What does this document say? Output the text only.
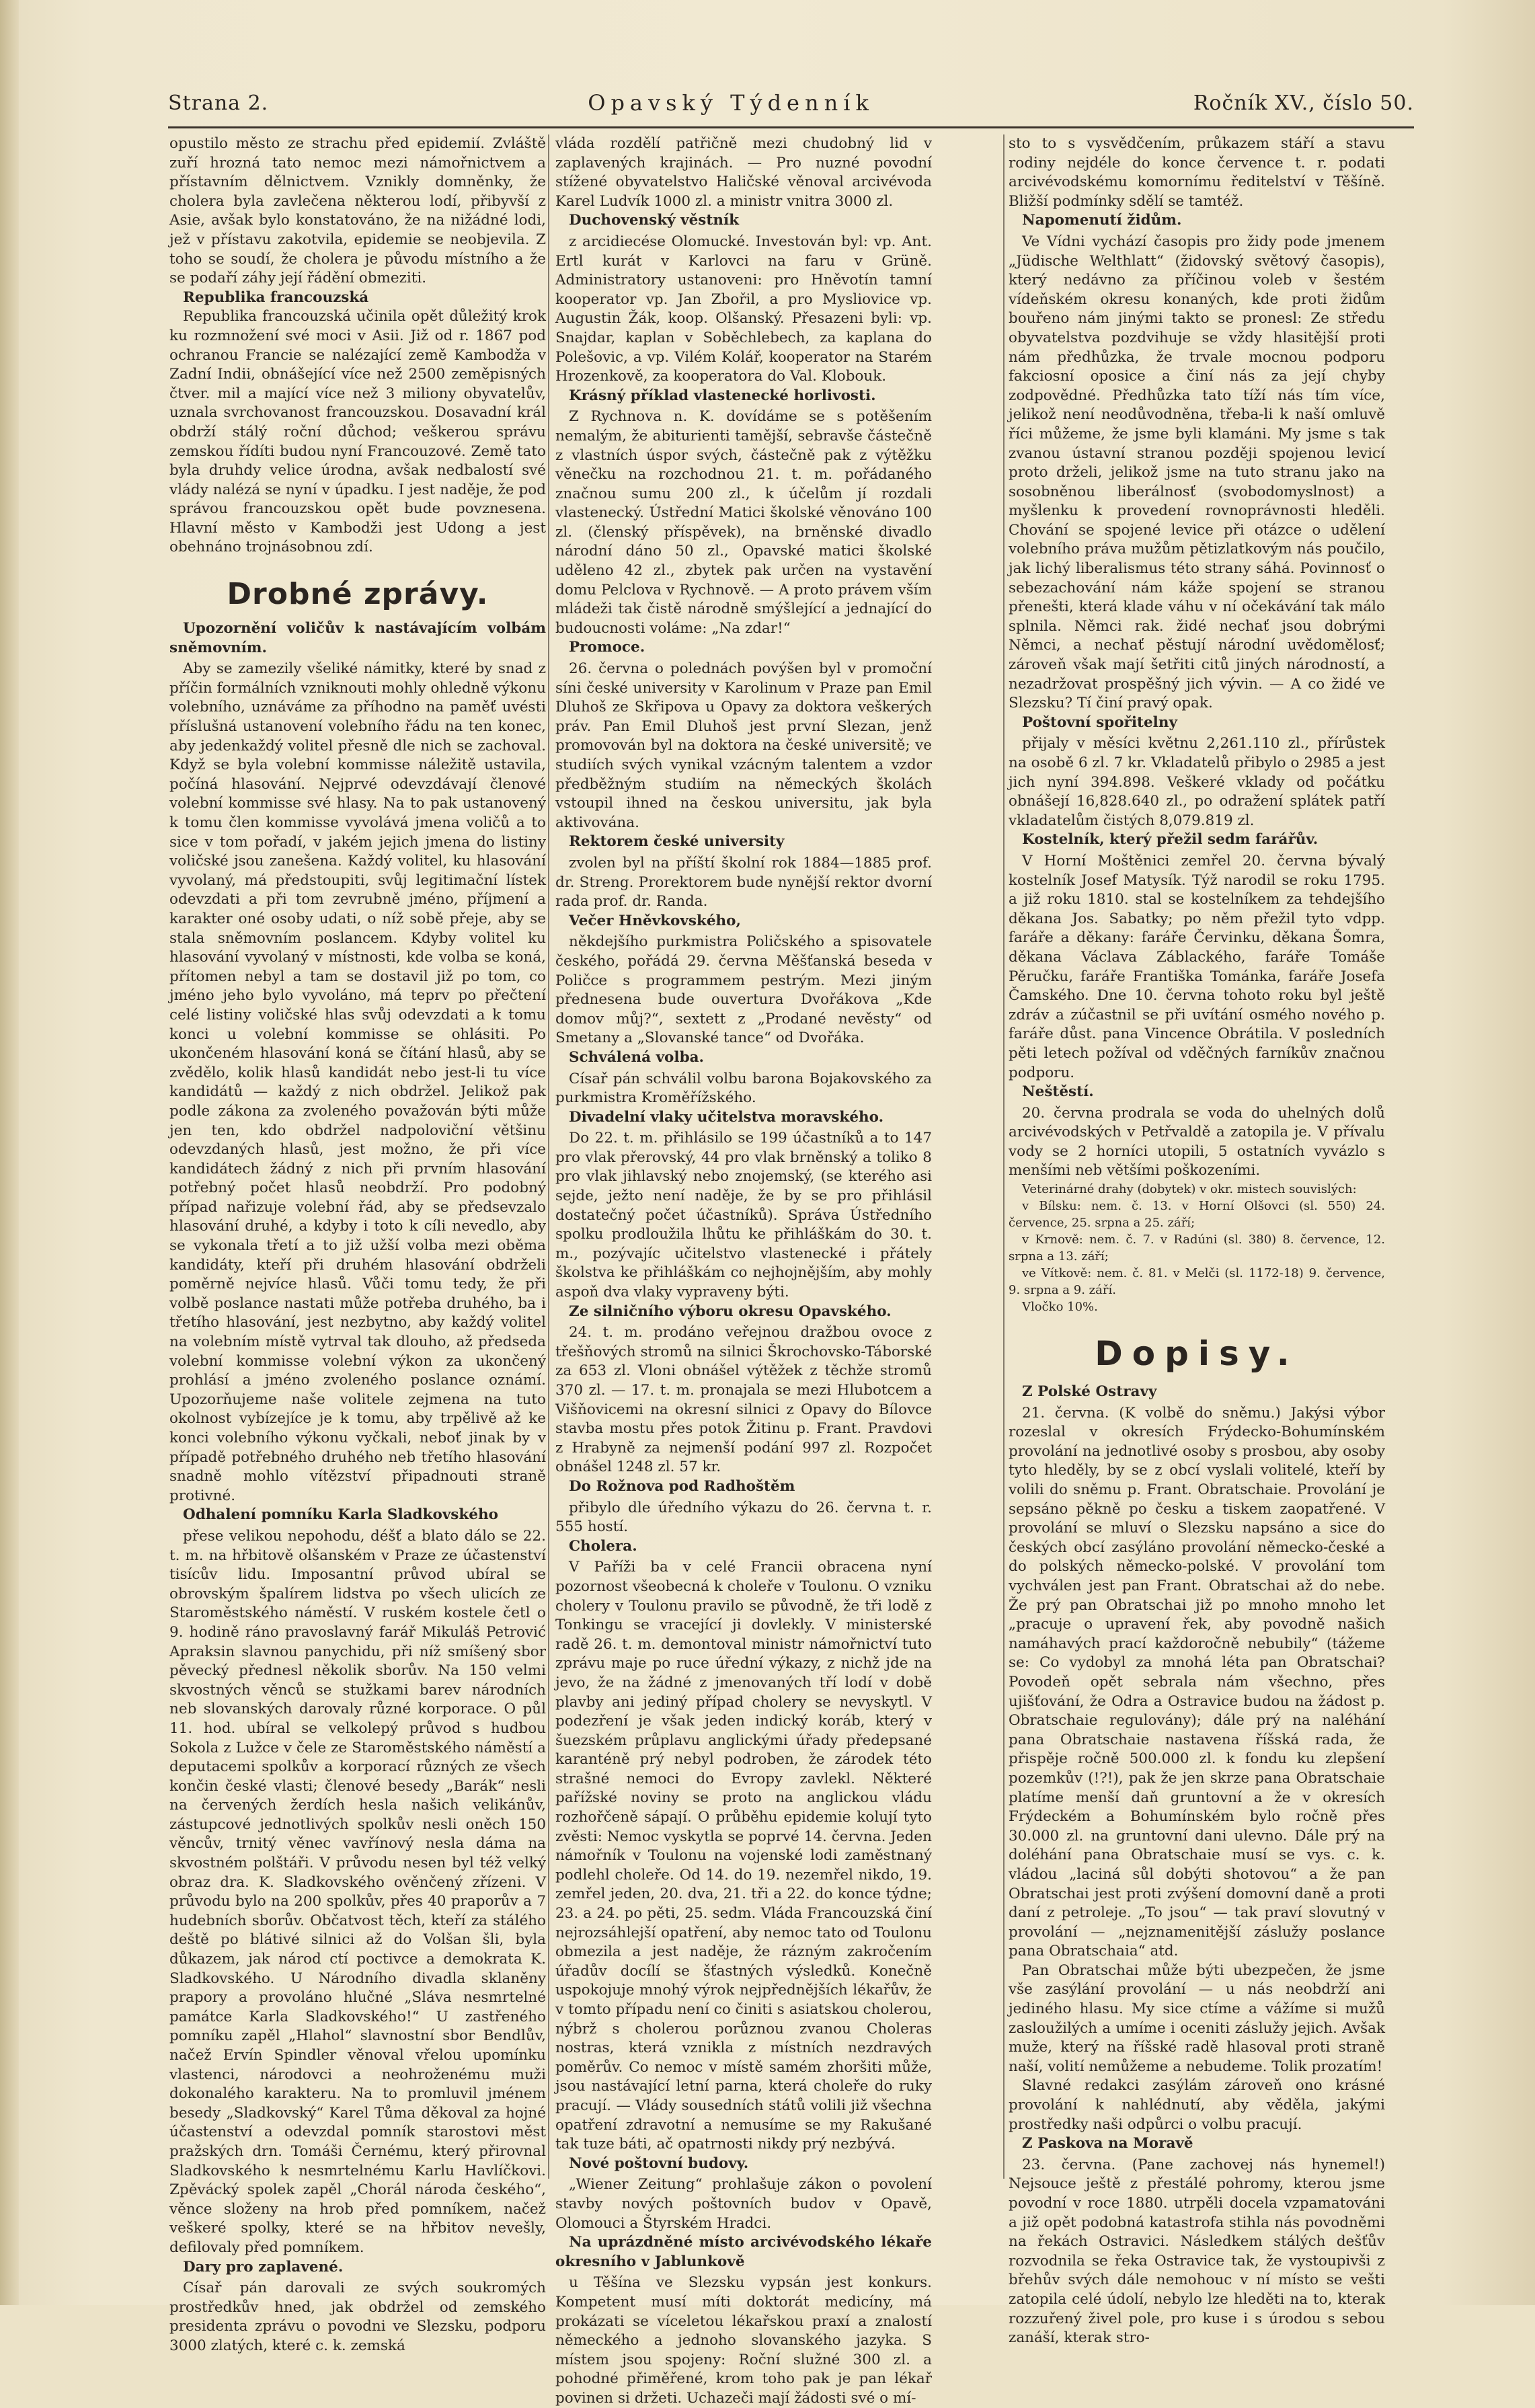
Strana 2.	Opavský Týdenník	Ročník XV., číslo 50.

opustilo město ze strachu před epidemií. Zvláště zuří hrozná tato nemoc mezi námořnictvem a přístavním dělnictvem. Vznikly domněnky, že cholera byla zavlečena některou lodí, přibyvší z Asie, avšak bylo konstatováno, že na nižádné lodi, jež v přístavu zakotvila, epidemie se neobjevila. Z toho se soudí, že cholera je původu místního a že se podaří záhy její řádění obmeziti.

Republika francouzská

Republika francouzská učinila opět důležitý krok ku rozmnožení své moci v Asii. Již od r. 1867 pod ochranou Francie se nalézající země Kambodža v Zadní Indii, obnášející více než 2500 zeměpisných čtver. mil a mající více než 3 miliony obyvatelův, uznala svrchovanost francouzskou. Dosavadní král obdrží stálý roční důchod; veškerou správu zemskou řídíti budou nyní Francouzové. Země tato byla druhdy velice úrodna, avšak nedbalostí své vlády nalézá se nyní v úpadku. I jest naděje, že pod správou francouzskou opět bude povznesena. Hlavní město v Kambodži jest Udong a jest obehnáno trojnásobnou zdí.

Drobné zprávy.

Upozornění voličův k nastávajícím volbám sněmovním.

Aby se zamezily všeliké námitky, které by snad z příčin formálních vzniknouti mohly ohledně výkonu volebního, uznáváme za příhodno na paměť uvésti příslušná ustanovení volebního řádu na ten konec, aby jedenkaždý volitel přesně dle nich se zachoval. Když se byla volební kommisse náležitě ustavila, počíná hlasování. Nejprvé odevzdávají členové volební kommisse své hlasy. Na to pak ustanovený k tomu člen kommisse vyvolává jmena voličů a to sice v tom pořadí, v jakém jejich jmena do listiny voličské jsou zanešena. Každý volitel, ku hlasování vyvolaný, má předstoupiti, svůj legitimační lístek odevzdati a při tom zevrubně jméno, příjmení a karakter oné osoby udati, o níž sobě přeje, aby se stala sněmovním poslancem. Kdyby volitel ku hlasování vyvolaný v místnosti, kde volba se koná, přítomen nebyl a tam se dostavil již po tom, co jméno jeho bylo vyvoláno, má teprv po přečtení celé listiny voličské hlas svůj odevzdati a k tomu konci u volební kommisse se ohlásiti. Po ukončeném hlasování koná se čítání hlasů, aby se zvědělo, kolik hlasů kandidát nebo jest-li tu více kandidátů — každý z nich obdržel. Jelikož pak podle zákona za zvoleného považován býti může jen ten, kdo obdržel nadpoloviční většinu odevzdaných hlasů, jest možno, že při více kandidátech žádný z nich při prvním hlasování potřebný počet hlasů neobdrží. Pro podobný případ nařizuje volební řád, aby se předsevzalo hlasování druhé, a kdyby i toto k cíli nevedlo, aby se vykonala třetí a to již užší volba mezi oběma kandidáty, kteří při druhém hlasování obdrželi poměrně nejvíce hlasů. Vůči tomu tedy, že při volbě poslance nastati může potřeba druhého, ba i třetího hlasování, jest nezbytno, aby každý volitel na volebním místě vytrval tak dlouho, až předseda volební kommisse volební výkon za ukončený prohlásí a jméno zvoleného poslance oznámí. Upozorňujeme naše volitele zejmena na tuto okolnost vybízejíce je k tomu, aby trpělivě až ke konci volebního výkonu vyčkali, neboť jinak by v případě potřebného druhého neb třetího hlasování snadně mohlo vítězství připadnouti straně protivné.

Odhalení pomníku Karla Sladkovského

přese velikou nepohodu, déšť a blato dálo se 22. t. m. na hřbitově olšanském v Praze ze účastenství tisícův lidu. Imposantní průvod ubíral se obrovským špalírem lidstva po všech ulicích ze Staroměstského náměstí. V ruském kostele četl o 9. hodině ráno pravoslavný farář Mikuláš Petrović Apraksin slavnou panychidu, při níž smíšený sbor pěvecký přednesl několik sborův. Na 150 velmi skvostných věnců se stužkami barev národních neb slovanských darovaly různé korporace. O půl 11. hod. ubíral se velkolepý průvod s hudbou Sokola z Lužce v čele ze Staroměstského náměstí a deputacemi spolkův a korporací různých ze všech končin české vlasti; členové besedy „Barák“ nesli na červených žerdích hesla našich velikánův, zástupcové jednotlivých spolkův nesli oněch 150 věncův, trnitý věnec vavřínový nesla dáma na skvostném polštáři. V průvodu nesen byl též velký obraz dra. K. Sladkovského ověnčený zřízeni. V průvodu bylo na 200 spolkův, přes 40 praporův a 7 hudebních sborův. Občatvost těch, kteří za stálého deště po blátivé silnici až do Volšan šli, byla důkazem, jak národ ctí poctivce a demokrata K. Sladkovského. U Národního divadla sklaněny prapory a provoláno hlučné „Sláva nesmrtelné památce Karla Sladkovského!“ U zastřeného pomníku zapěl „Hlahol“ slavnostní sbor Bendlův, načež Ervín Spindler věnoval vřelou upomínku vlastenci, národovci a neohroženému muži dokonalého karakteru. Na to promluvil jménem besedy „Sladkovský“ Karel Tůma děkoval za hojné účastenství a odevzdal pomník starostovi měst pražských drn. Tomáši Černému, který přirovnal Sladkovského k nesmrtelnému Karlu Havlíčkovi. Zpěvácký spolek zapěl „Chorál národa českého“, věnce složeny na hrob před pomníkem, načež veškeré spolky, které se na hřbitov nevešly, defilovaly před pomníkem.

Dary pro zaplavené.

Císař pán darovali ze svých soukromých prostředkův hned, jak obdržel od zemského presidenta zprávu o povodni ve Slezsku, podporu 3000 zlatých, které c. k. zemská

vláda rozdělí patřičně mezi chudobný lid v zaplavených krajinách. — Pro nuzné povodní stížené obyvatelstvo Haličské věnoval arcivévoda Karel Ludvík 1000 zl. a ministr vnitra 3000 zl.

Duchovenský věstník

z arcidiecése Olomucké. Investován byl: vp. Ant. Ertl kurát v Karlovci na faru v Grüně. Administratory ustanoveni: pro Hněvotín tamní kooperator vp. Jan Zbořil, a pro Mysliovice vp. Augustin Žák, koop. Olšanský. Přesazeni byli: vp. Snajdar, kaplan v Soběchlebech, za kaplana do Polešovic, a vp. Vilém Kolář, kooperator na Starém Hrozenkově, za kooperatora do Val. Klobouk.

Krásný příklad vlastenecké horlivosti.

Z Rychnova n. K. dovídáme se s potěšením nemalým, že abiturienti tamější, sebravše částečně z vlastních úspor svých, částečně pak z výtěžku věnečku na rozchodnou 21. t. m. pořádaného značnou sumu 200 zl., k účelům jí rozdali vlastenecký. Ústřední Matici školské věnováno 100 zl. (členský příspěvek), na brněnské divadlo národní dáno 50 zl., Opavské matici školské uděleno 42 zl., zbytek pak určen na vystavění domu Pelclova v Rychnově. — A proto právem vším mládeži tak čistě národně smýšlející a jednající do budoucnosti voláme: „Na zdar!“

Promoce.

26. června o polednách povýšen byl v promoční síni české university v Karolinum v Praze pan Emil Dluhoš ze Skřipova u Opavy za doktora veškerých práv. Pan Emil Dluhoš jest první Slezan, jenž promovován byl na doktora na české universitě; ve studiích svých vynikal vzácným talentem a vzdor předběžným studiím na německých školách vstoupil ihned na českou universitu, jak byla aktivována.

Rektorem české university

zvolen byl na příští školní rok 1884—1885 prof. dr. Streng. Prorektorem bude nynější rektor dvorní rada prof. dr. Randa.

Večer Hněvkovského,

někdejšího purkmistra Poličského a spisovatele českého, pořádá 29. června Měšťanská beseda v Poličce s programmem pestrým. Mezi jiným přednesena bude ouvertura Dvořákova „Kde domov můj?“, sextett z „Prodané nevěsty“ od Smetany a „Slovanské tance“ od Dvořáka.

Schválená volba.

Císař pán schválil volbu barona Bojakovského za purkmistra Kroměřížského.

Divadelní vlaky učitelstva moravského.

Do 22. t. m. přihlásilo se 199 účastníků a to 147 pro vlak přerovský, 44 pro vlak brněnský a toliko 8 pro vlak jihlavský nebo znojemský, (se kterého asi sejde, ježto není naděje, že by se pro přihlásil dostatečný počet účastníků). Správa Ústředního spolku prodloužila lhůtu ke přihláškám do 30. t. m., pozývajíc učitelstvo vlastenecké i přátely školstva ke přihláškám co nejhojnějším, aby mohly aspoň dva vlaky vypraveny býti.

Ze silničního výboru okresu Opavského.

24. t. m. prodáno veřejnou dražbou ovoce z třešňových stromů na silnici Škrochovsko-Táborské za 653 zl. Vloni obnášel výtěžek z těchže stromů 370 zl. — 17. t. m. pronajala se mezi Hlubotcem a Višňovicemi na okresní silnici z Opavy do Bílovce stavba mostu přes potok Žitinu p. Frant. Pravdovi z Hrabyně za nejmenší podání 997 zl. Rozpočet obnášel 1248 zl. 57 kr.

Do Rožnova pod Radhoštěm

přibylo dle úředního výkazu do 26. června t. r. 555 hostí.

Cholera.

V Paříži ba v celé Francii obracena nyní pozornost všeobecná k choleře v Toulonu. O vzniku cholery v Toulonu pravilo se původně, že tři lodě z Tonkingu se vracející ji dovlekly. V ministerské radě 26. t. m. demontoval ministr námořnictví tuto zprávu maje po ruce úřední výkazy, z nichž jde na jevo, že na žádné z jmenovaných tří lodí v době plavby ani jediný případ cholery se nevyskytl. V podezření je však jeden indický koráb, který v šuezském průplavu anglickými úřady předepsané karanténě prý nebyl podroben, že zárodek této strašné nemoci do Evropy zavlekl. Některé pařížské noviny se proto na anglickou vládu rozhořčeně sápají. O průběhu epidemie kolují tyto zvěsti: Nemoc vyskytla se poprvé 14. června. Jeden námořník v Toulonu na vojenské lodi zaměstnaný podlehl choleře. Od 14. do 19. nezemřel nikdo, 19. zemřel jeden, 20. dva, 21. tři a 22. do konce týdne; 23. a 24. po pěti, 25. sedm. Vláda Francouzská činí nejrozsáhlejší opatření, aby nemoc tato od Toulonu obmezila a jest naděje, že rázným zakročením úřadův docílí se šťastných výsledků. Konečně uspokojuje mnohý výrok nejpřednějších lékařův, že v tomto případu není co činiti s asiatskou cholerou, nýbrž s cholerou porůznou zvanou Choleras nostras, která vznikla z místních nezdravých poměrův. Co nemoc v místě samém zhoršiti může, jsou nastávající letní parna, která choleře do ruky pracují. — Vlády sousedních států volili již všechna opatření zdravotní a nemusíme se my Rakušané tak tuze báti, ač opatrnosti nikdy prý nezbývá.

Nové poštovní budovy.

„Wiener Zeitung“ prohlašuje zákon o povolení stavby nových poštovních budov v Opavě, Olomouci a Štyrském Hradci.

Na uprázdněné místo arcivévodského lékaře okresního v Jablunkově

u Těšína ve Slezsku vypsán jest konkurs. Kompetent musí míti doktorát medicíny, má prokázati se víceletou lékařskou praxí a znalostí německého a jednoho slovanského jazyka. S místem jsou spojeny: Roční služné 300 zl. a pohodné přiměřené, krom toho pak je pan lékař povinen si držeti. Uchazeči mají žádosti své o mí-

sto to s vysvědčením, průkazem stáří a stavu rodiny nejdéle do konce července t. r. podati arcivévodskému komornímu ředitelství v Těšíně. Bližší podmínky sdělí se tamtéž.

Napomenutí židům.

Ve Vídni vychází časopis pro židy pode jmenem „Jüdische Welthlatt“ (židovský světový časopis), který nedávno za příčinou voleb v šestém vídeňském okresu konaných, kde proti židům bouřeno nám jinými takto se pronesl: Ze středu obyvatelstva pozdvihuje se vždy hlasitější proti nám předhůzka, že trvale mocnou podporu fakciosní oposice a činí nás za její chyby zodpovědné. Předhůzka tato tíží nás tím více, jelikož není neodůvodněna, třeba-li k naší omluvě říci můžeme, že jsme byli klamáni. My jsme s tak zvanou ústavní stranou později spojenou levicí proto drželi, jelikož jsme na tuto stranu jako na sosobněnou liberálnosť (svobodomyslnost) a myšlenku k provedení rovnoprávnosti hleděli. Chování se spojené levice při otázce o udělení volebního práva mužům pětizlatkovým nás poučilo, jak lichý liberalismus této strany sáhá. Povinnosť o sebezachování nám káže spojení se stranou přenešti, která klade váhu v ní očekávání tak málo splnila. Němci rak. židé nechať jsou dobrými Němci, a nechať pěstují národní uvědomělosť; zároveň však mají šetřiti citů jiných národností, a nezadržovat prospěšný jich vývin. — A co židé ve Slezsku? Tí činí pravý opak.

Poštovní spořitelny

přijaly v měsíci květnu 2,261.110 zl., přírůstek na osobě 6 zl. 7 kr. Vkladatelů přibylo o 2985 a jest jich nyní 394.898. Veškeré vklady od počátku obnášejí 16,828.640 zl., po odražení splátek patří vkladatelům čistých 8,079.819 zl.

Kostelník, který přežil sedm farářův.

V Horní Moštěnici zemřel 20. června bývalý kostelník Josef Matysík. Týž narodil se roku 1795. a již roku 1810. stal se kostelníkem za tehdejšího děkana Jos. Sabatky; po něm přežil tyto vdpp. faráře a děkany: faráře Červinku, děkana Šomra, děkana Václava Záblackého, faráře Tomáše Pěručku, faráře Františka Tománka, faráře Josefa Čamského. Dne 10. června tohoto roku byl ještě zdráv a zúčastnil se při uvítání osmého nového p. faráře důst. pana Vincence Obrátila. V posledních pěti letech požíval od vděčných farníkův značnou podporu.

Neštěstí.

20. června prodrala se voda do uhelných dolů arcivévodských v Petřvaldě a zatopila je. V přívalu vody se 2 horníci utopili, 5 ostatních vyvázlo s menšími neb většími poškozeními.

Veterinárné drahy (dobytek) v okr. mistech souvislých:

v Bílsku: nem. č. 13. v Horní Olšovci (sl. 550) 24. července, 25. srpna a 25. září;

v Krnově: nem. č. 7. v Radúni (sl. 380) 8. července, 12. srpna a 13. září;

ve Vítkově: nem. č. 81. v Melči (sl. 1172-18) 9. července, 9. srpna a 9. září.

Vločko 10%.

Dopisy.

Z Polské Ostravy

21. června. (K volbě do sněmu.) Jakýsi výbor rozeslal v okresích Frýdecko-Bohumínském provolání na jednotlivé osoby s prosbou, aby osoby tyto hleděly, by se z obcí vyslali volitelé, kteří by volili do sněmu p. Frant. Obratschaie. Provolání je sepsáno pěkně po česku a tiskem zaopatřené. V provolání se mluví o Slezsku napsáno a sice do českých obcí zasýláno provolání německo-české a do polských německo-polské. V provolání tom vychválen jest pan Frant. Obratschai až do nebe. Že prý pan Obratschai již po mnoho mnoho let „pracuje o upravení řek, aby povodně našich namáhavých prací každoročně nebubily“ (tážeme se: Co vydobyl za mnohá léta pan Obratschai? Povodeň opět sebrala nám všechno, přes ujišťování, že Odra a Ostravice budou na žádost p. Obratschaie regulovány); dále prý na naléhání pana Obratschaie nastavena říšská rada, že přispěje ročně 500.000 zl. k fondu ku zlepšení pozemkův (!?!), pak že jen skrze pana Obratschaie platíme menší daň gruntovní a že v okresích Frýdeckém a Bohumínském bylo ročně přes 30.000 zl. na gruntovní dani ulevno. Dále prý na doléhání pana Obratschaie musí se vys. c. k. vládou „laciná sůl dobýti shotovou“ a že pan Obratschai jest proti zvýšení domovní daně a proti daní z petroleje. „To jsou“ — tak praví slovutný v provolání — „nejznamenitější záslužy poslance pana Obratschaia“ atd.

Pan Obratschai může býti ubezpečen, že jsme vše zasýlání provolání — u nás neobdrží ani jediného hlasu. My sice ctíme a vážíme si mužů zasloužilých a umíme i oceniti záslužy jejich. Avšak muže, který na říšské radě hlasoval proti straně naší, volití nemůžeme a nebudeme. Tolik prozatím!

Slavné redakci zasýlám zároveň ono krásné provolání k nahlédnutí, aby věděla, jakými prostředky naši odpůrci o volbu pracují.

Z Paskova na Moravě

23. června. (Pane zachovej nás hynemel!) Nejsouce ještě z přestálé pohromy, kterou jsme povodní v roce 1880. utrpěli docela vzpamatováni a již opět podobná katastrofa stihla nás povodněmi na řekách Ostravici. Následkem stálých dešťův rozvodnila se řeka Ostravice tak, že vystoupivši z břehův svých dále nemohouc v ní místo se vešti zatopila celé údolí, nebylo lze hleděti na to, kterak rozzuřený živel pole, pro kuse i s úrodou s sebou zanáší, kterak stro-
